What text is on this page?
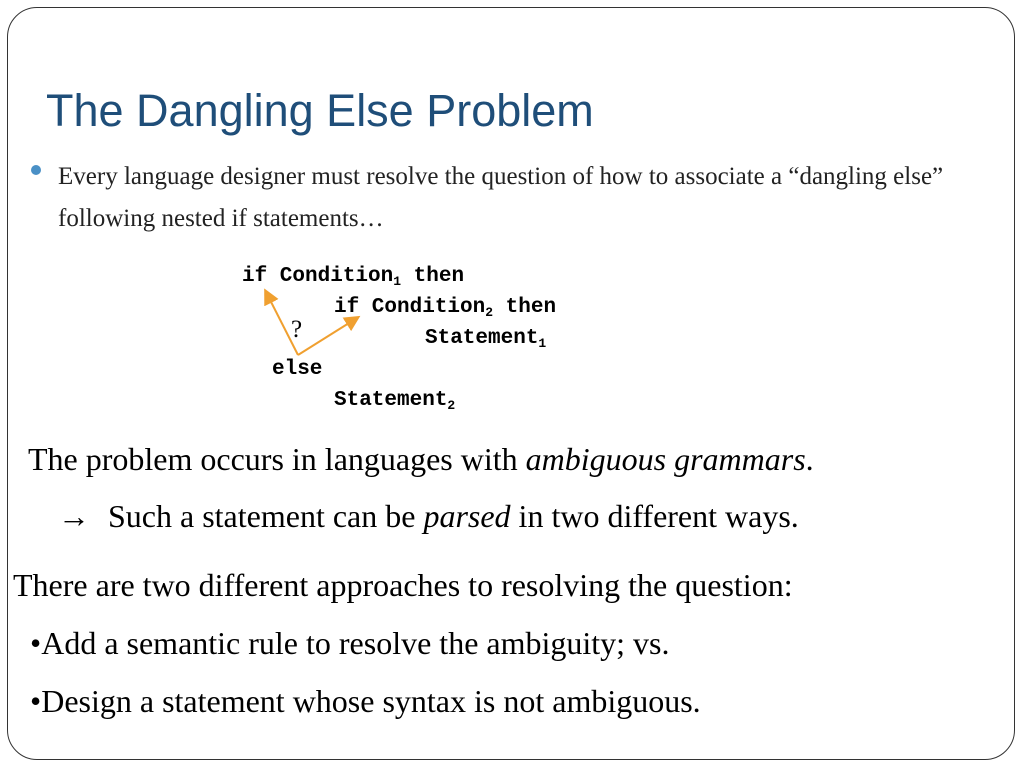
The Dangling Else Problem
Every language designer must resolve the question of how to associate a “dangling else” following nested if statements…
if Condition$_1$ then
if Condition$_2$ then
Statement$_1$
else
Statement$_2$
?
The problem occurs in languages with ambiguous grammars.
→ Such a statement can be parsed in two different ways.
There are two different approaches to resolving the question:
•Add a semantic rule to resolve the ambiguity; vs.
•Design a statement whose syntax is not ambiguous.
